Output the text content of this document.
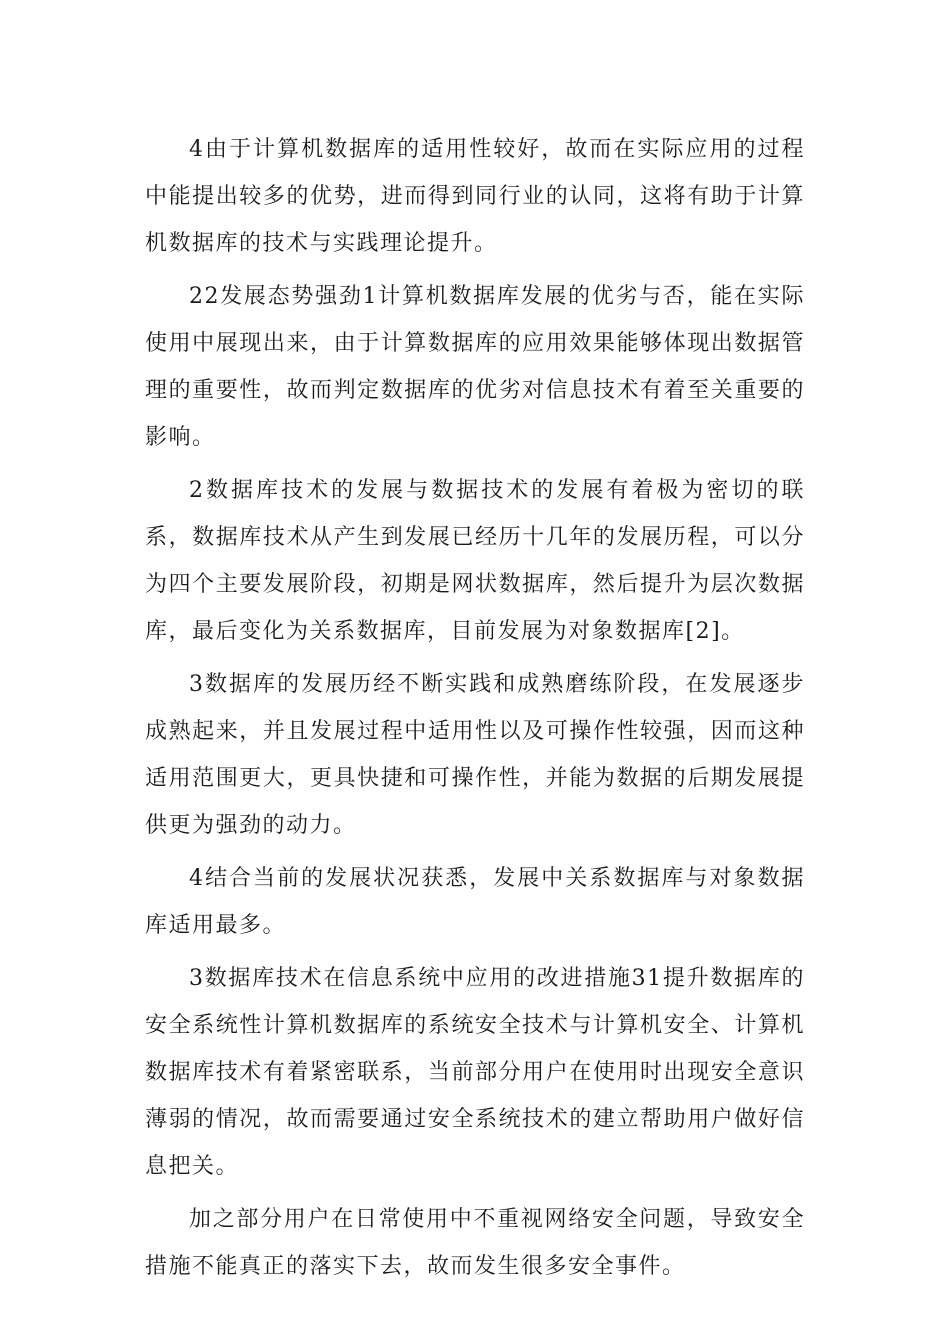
4由于计算机数据库的适用性较好，故而在实际应用的过程中能提出较多的优势，进而得到同行业的认同，这将有助于计算机数据库的技术与实践理论提升。

22发展态势强劲1计算机数据库发展的优劣与否，能在实际使用中展现出来，由于计算数据库的应用效果能够体现出数据管理的重要性，故而判定数据库的优劣对信息技术有着至关重要的影响。

2数据库技术的发展与数据技术的发展有着极为密切的联系，数据库技术从产生到发展已经历十几年的发展历程，可以分为四个主要发展阶段，初期是网状数据库，然后提升为层次数据库，最后变化为关系数据库，目前发展为对象数据库[2]。

3数据库的发展历经不断实践和成熟磨练阶段，在发展逐步成熟起来，并且发展过程中适用性以及可操作性较强，因而这种适用范围更大，更具快捷和可操作性，并能为数据的后期发展提供更为强劲的动力。

4结合当前的发展状况获悉，发展中关系数据库与对象数据库适用最多。

3数据库技术在信息系统中应用的改进措施31提升数据库的安全系统性计算机数据库的系统安全技术与计算机安全、计算机数据库技术有着紧密联系，当前部分用户在使用时出现安全意识薄弱的情况，故而需要通过安全系统技术的建立帮助用户做好信息把关。

加之部分用户在日常使用中不重视网络安全问题，导致安全措施不能真正的落实下去，故而发生很多安全事件。
